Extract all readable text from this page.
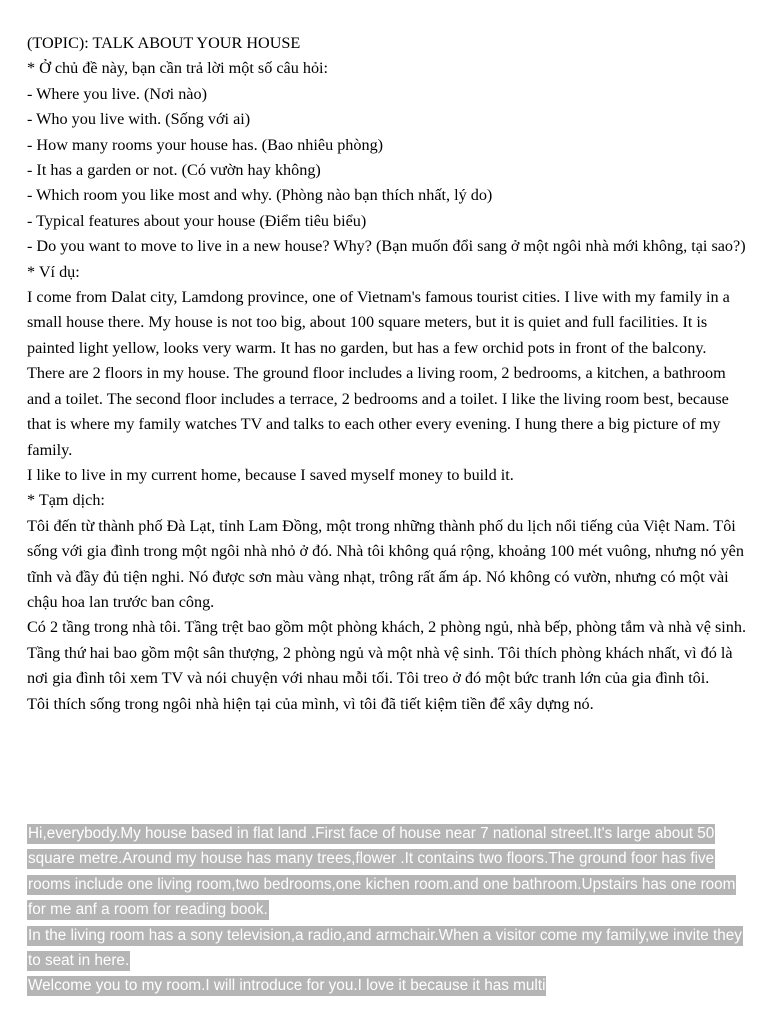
(TOPIC): TALK ABOUT YOUR HOUSE

* Ở chủ đề này, bạn cần trả lời một số câu hỏi:

- Where you live. (Nơi nào)

- Who you live with. (Sống với ai)

- How many rooms your house has. (Bao nhiêu phòng)

- It has a garden or not. (Có vườn hay không)

- Which room you like most and why. (Phòng nào bạn thích nhất, lý do)

- Typical features about your house (Điểm tiêu biểu)

- Do you want to move to live in a new house? Why? (Bạn muốn đổi sang ở một ngôi nhà mới không, tại sao?)

* Ví dụ:

I come from Dalat city, Lamdong province, one of Vietnam's famous tourist cities. I live with my family in a small house there. My house is not too big, about 100 square meters, but it is quiet and full facilities. It is painted light yellow, looks very warm. It has no garden, but has a few orchid pots in front of the balcony.

There are 2 floors in my house. The ground floor includes a living room, 2 bedrooms, a kitchen, a bathroom and a toilet. The second floor includes a terrace, 2 bedrooms and a toilet. I like the living room best, because that is where my family watches TV and talks to each other every evening. I hung there a big picture of my family.

I like to live in my current home, because I saved myself money to build it.

* Tạm dịch:

Tôi đến từ thành phố Đà Lạt, tỉnh Lam Đồng, một trong những thành phố du lịch nổi tiếng của Việt Nam. Tôi sống với gia đình trong một ngôi nhà nhỏ ở đó. Nhà tôi không quá rộng, khoảng 100 mét vuông, nhưng nó yên tĩnh và đầy đủ tiện nghi. Nó được sơn màu vàng nhạt, trông rất ấm áp. Nó không có vườn, nhưng có một vài chậu hoa lan trước ban công.

Có 2 tầng trong nhà tôi. Tầng trệt bao gồm một phòng khách, 2 phòng ngủ, nhà bếp, phòng tắm và nhà vệ sinh. Tầng thứ hai bao gồm một sân thượng, 2 phòng ngủ và một nhà vệ sinh. Tôi thích phòng khách nhất, vì đó là nơi gia đình tôi xem TV và nói chuyện với nhau mỗi tối. Tôi treo ở đó một bức tranh lớn của gia đình tôi.

Tôi thích sống trong ngôi nhà hiện tại của mình, vì tôi đã tiết kiệm tiền để xây dựng nó.

Hi,everybody.My house based in flat land .First face of house near 7 national street.It's large about 50 square metre.Around my house has many trees,flower .It contains two floors.The ground foor has five rooms include one living room,two bedrooms,one kichen room.and one bathroom.Upstairs has one room for me anf a room for reading book.

In the living room has a sony television,a radio,and armchair.When a visitor come my family,we invite they to seat in here.

Welcome you to my room.I will introduce for you.I love it because it has multi
